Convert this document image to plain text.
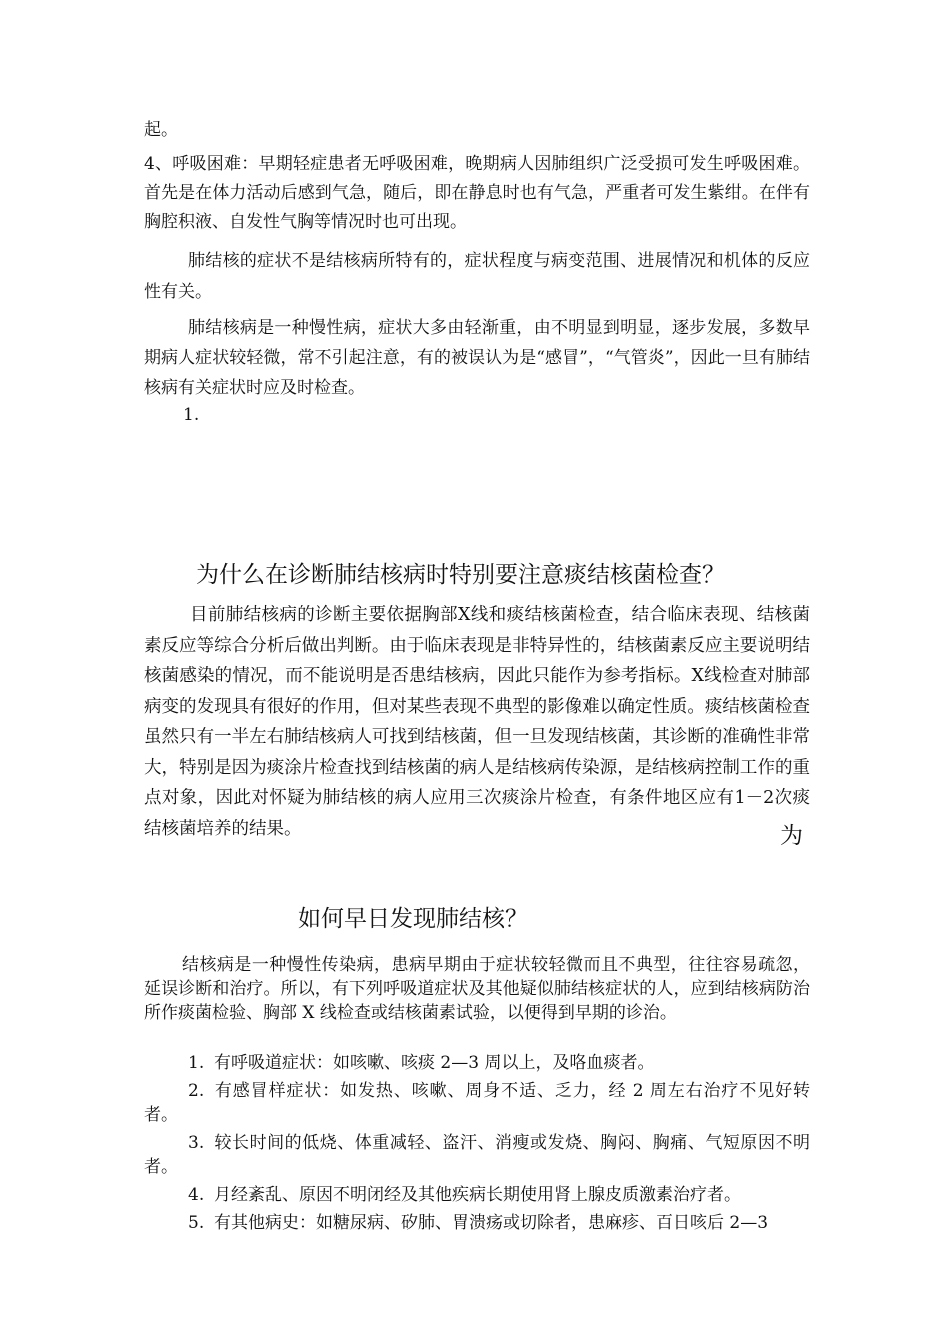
起。

4、呼吸困难：早期轻症患者无呼吸困难，晚期病人因肺组织广泛受损可发生呼吸困难。首先是在体力活动后感到气急，随后，即在静息时也有气急，严重者可发生紫绀。在伴有胸腔积液、自发性气胸等情况时也可出现。

肺结核的症状不是结核病所特有的，症状程度与病变范围、进展情况和机体的反应性有关。

肺结核病是一种慢性病，症状大多由轻渐重，由不明显到明显，逐步发展，多数早期病人症状较轻微，常不引起注意，有的被误认为是“感冒”，“气管炎”，因此一旦有肺结核病有关症状时应及时检查。

1.

为什么在诊断肺结核病时特别要注意痰结核菌检查？

目前肺结核病的诊断主要依据胸部X线和痰结核菌检查，结合临床表现、结核菌素反应等综合分析后做出判断。由于临床表现是非特异性的，结核菌素反应主要说明结核菌感染的情况，而不能说明是否患结核病，因此只能作为参考指标。X线检查对肺部病变的发现具有很好的作用，但对某些表现不典型的影像难以确定性质。痰结核菌检查虽然只有一半左右肺结核病人可找到结核菌，但一旦发现结核菌，其诊断的准确性非常大，特别是因为痰涂片检查找到结核菌的病人是结核病传染源，是结核病控制工作的重点对象，因此对怀疑为肺结核的病人应用三次痰涂片检查，有条件地区应有1－2次痰结核菌培养的结果。	为

如何早日发现肺结核？

结核病是一种慢性传染病，患病早期由于症状较轻微而且不典型，往往容易疏忽，延误诊断和治疗。所以，有下列呼吸道症状及其他疑似肺结核症状的人，应到结核病防治所作痰菌检验、胸部 X 线检查或结核菌素试验，以便得到早期的诊治。

1. 有呼吸道症状：如咳嗽、咳痰 2—3 周以上，及咯血痰者。

2. 有感冒样症状：如发热、咳嗽、周身不适、乏力，经 2 周左右治疗不见好转者。

3. 较长时间的低烧、体重减轻、盗汗、消瘦或发烧、胸闷、胸痛、气短原因不明者。

4. 月经紊乱、原因不明闭经及其他疾病长期使用肾上腺皮质激素治疗者。

5. 有其他病史：如糖尿病、矽肺、胃溃疡或切除者，患麻疹、百日咳后 2—3
